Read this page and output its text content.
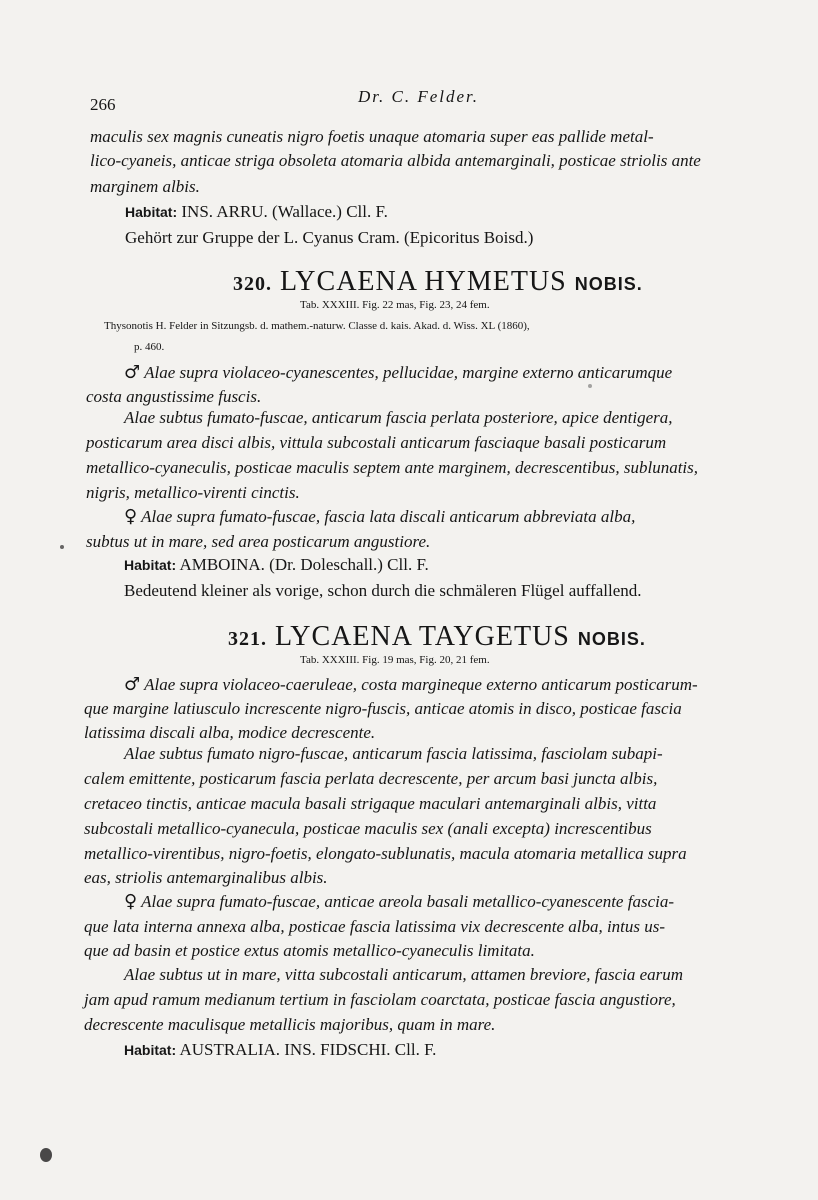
266	Dr. C. Felder.
maculis sex magnis cuneatis nigro foetis unaque atomaria super eas pallide metal-
lico-cyaneis, anticae striga obsoleta atomaria albida antemarginali, posticae striolis ante
marginem albis.
Habitat: INS. ARRU. (Wallace.) Cll. F.
Gehört zur Gruppe der L. Cyanus Cram. (Epicoritus Boisd.)
320. LYCAENA HYMETUS NOBIS.
Tab. XXXIII. Fig. 22 mas, Fig. 23, 24 fem.
Thysonotis H. Felder in Sitzungsb. d. mathem.-naturw. Classe d. kais. Akad. d. Wiss. XL (1860),
p. 460.
♂ Alae supra violaceo-cyanescentes, pellucidae, margine externo anticarumque
costa angustissime fuscis.
Alae subtus fumato-fuscae, anticarum fascia perlata posteriore, apice dentigera,
posticarum area disci albis, vittula subcostali anticarum fasciaque basali posticarum
metallico-cyaneculis, posticae maculis septem ante marginem, decrescentibus, sublunatis,
nigris, metallico-virenti cinctis.
♀ Alae supra fumato-fuscae, fascia lata discali anticarum abbreviata alba,
subtus ut in mare, sed area posticarum angustiore.
Habitat: AMBOINA. (Dr. Doleschall.) Cll. F.
Bedeutend kleiner als vorige, schon durch die schmäleren Flügel auffallend.
321. LYCAENA TAYGETUS NOBIS.
Tab. XXXIII. Fig. 19 mas, Fig. 20, 21 fem.
♂ Alae supra violaceo-caeruleae, costa margineque externo anticarum posticarum-
que margine latiusculo increscente nigro-fuscis, anticae atomis in disco, posticae fascia
latissima discali alba, modice decrescente.
Alae subtus fumato nigro-fuscae, anticarum fascia latissima, fasciolam subapi-
calem emittente, posticarum fascia perlata decrescente, per arcum basi juncta albis,
cretaceo tinctis, anticae macula basali strigaque maculari antemarginali albis, vitta
subcostali metallico-cyanecula, posticae maculis sex (anali excepta) increscentibus
metallico-virentibus, nigro-foetis, elongato-sublunatis, macula atomaria metallica supra
eas, striolis antemarginalibus albis.
♀ Alae supra fumato-fuscae, anticae areola basali metallico-cyanescente fascia-
que lata interna annexa alba, posticae fascia latissima vix decrescente alba, intus us-
que ad basin et postice extus atomis metallico-cyaneculis limitata.
Alae subtus ut in mare, vitta subcostali anticarum, attamen breviore, fascia earum
jam apud ramum medianum tertium in fasciolam coarctata, posticae fascia angustiore,
decrescente maculisque metallicis majoribus, quam in mare.
Habitat: AUSTRALIA. INS. FIDSCHI. Cll. F.
